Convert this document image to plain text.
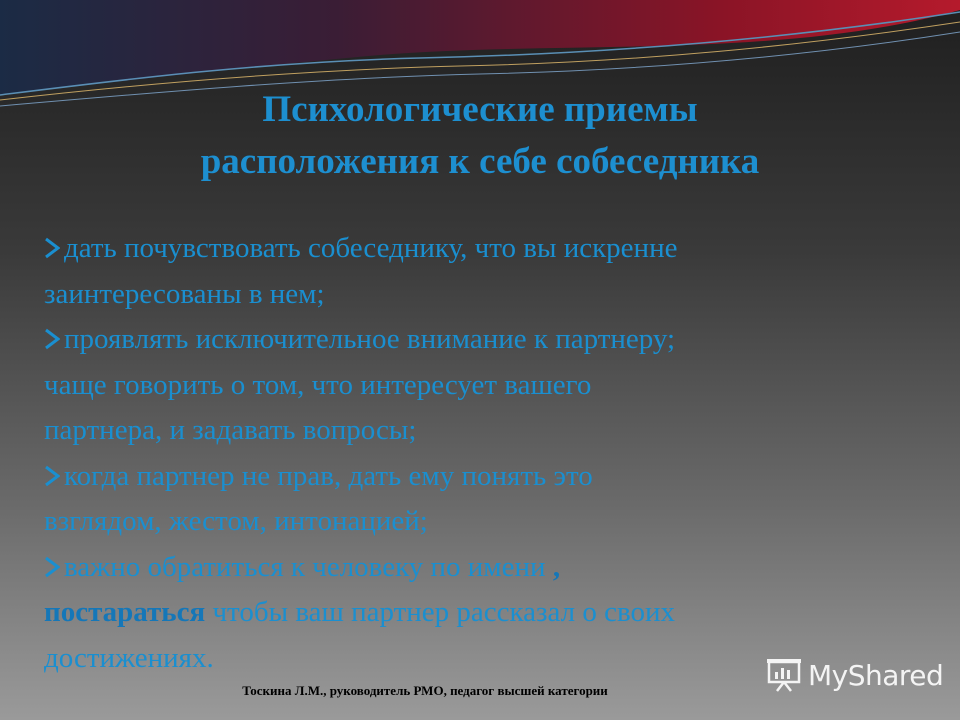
Психологические приемы
расположения к себе собеседника

дать почувствовать собеседнику, что вы искренне

заинтересованы в нем;

проявлять исключительное внимание к партнеру;

чаще говорить о том, что интересует вашего

партнера, и задавать вопросы;

когда партнер не прав, дать ему понять это

взглядом, жестом, интонацией;

важно обратиться к человеку по имени ,

постараться чтобы ваш партнер рассказал о своих

достижениях.

Тоскина Л.М., руководитель РМО, педагог высшей категории	MyShared
